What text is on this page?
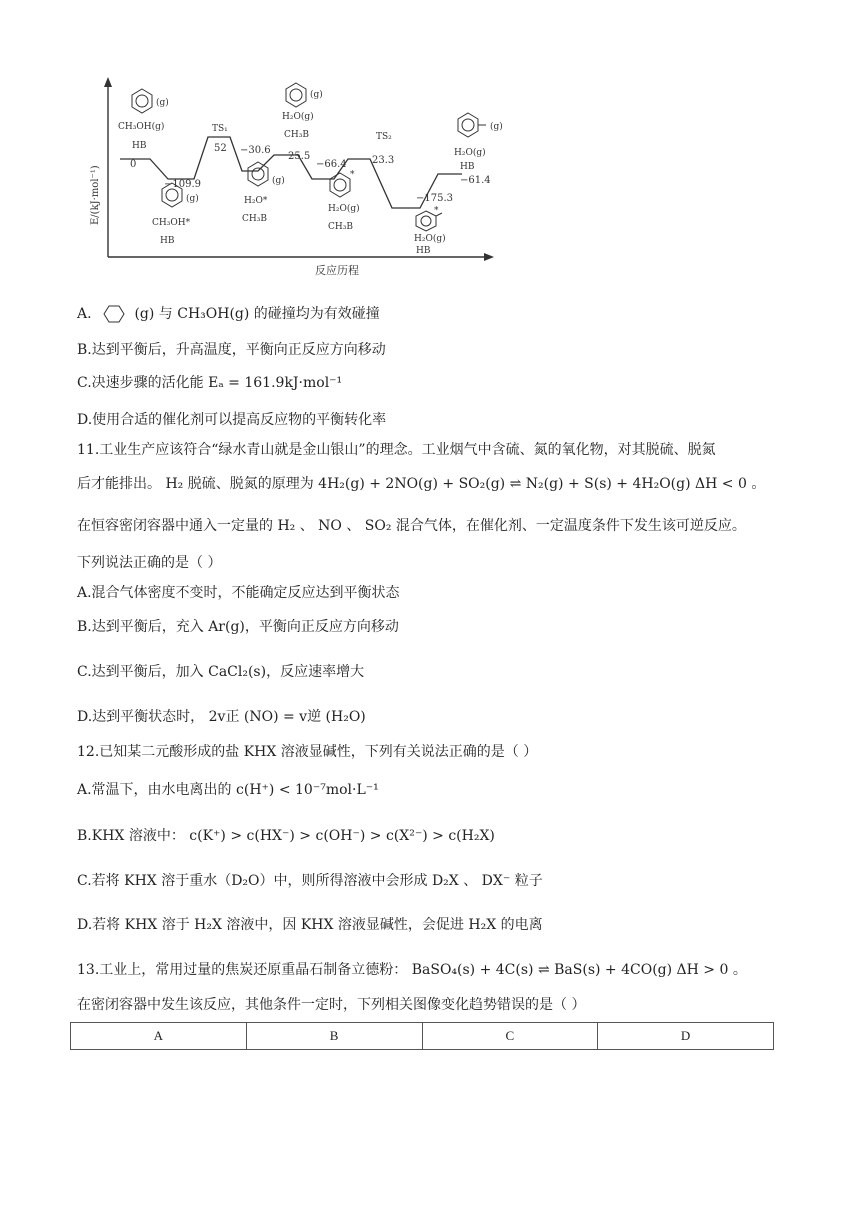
E/(kJ·mol⁻¹)
反应历程
0
−109.9
52 −30.6
25.5
−66.4	23.3
−175.3
−61.4
(g)
CH₃OH(g)
HB
(g)
CH₃OH*
HB
TS₁
(g)
H₂O*
CH₃B
(g)
H₂O(g)
CH₃B
*
H₂O(g)
CH₃B
TS₂
*
H₂O(g)
HB
(g)
H₂O(g)
HB
A.	(g) 与 CH₃OH(g) 的碰撞均为有效碰撞
B.达到平衡后，升高温度，平衡向正反应方向移动
C.决速步骤的活化能 Eₐ = 161.9kJ·mol⁻¹
D.使用合适的催化剂可以提高反应物的平衡转化率
11.工业生产应该符合“绿水青山就是金山银山”的理念。工业烟气中含硫、氮的氧化物，对其脱硫、脱氮
后才能排出。 H₂ 脱硫、脱氮的原理为 4H₂(g) + 2NO(g) + SO₂(g) ⇌ N₂(g) + S(s) + 4H₂O(g) ΔH < 0 。
在恒容密闭容器中通入一定量的 H₂ 、 NO 、 SO₂ 混合气体，在催化剂、一定温度条件下发生该可逆反应。
下列说法正确的是（ ）
A.混合气体密度不变时，不能确定反应达到平衡状态
B.达到平衡后，充入 Ar(g)，平衡向正反应方向移动
C.达到平衡后，加入 CaCl₂(s)，反应速率增大
D.达到平衡状态时， 2v正 (NO) = v逆 (H₂O)
12.已知某二元酸形成的盐 KHX 溶液显碱性，下列有关说法正确的是（ ）
A.常温下，由水电离出的 c(H⁺) < 10⁻⁷mol·L⁻¹
B.KHX 溶液中： c(K⁺) > c(HX⁻) > c(OH⁻) > c(X²⁻) > c(H₂X)
C.若将 KHX 溶于重水（D₂O）中，则所得溶液中会形成 D₂X 、 DX⁻ 粒子
D.若将 KHX 溶于 H₂X 溶液中，因 KHX 溶液显碱性，会促进 H₂X 的电离
13.工业上，常用过量的焦炭还原重晶石制备立德粉： BaSO₄(s) + 4C(s) ⇌ BaS(s) + 4CO(g) ΔH > 0 。
在密闭容器中发生该反应，其他条件一定时，下列相关图像变化趋势错误的是（ ）
A	B	C	D
